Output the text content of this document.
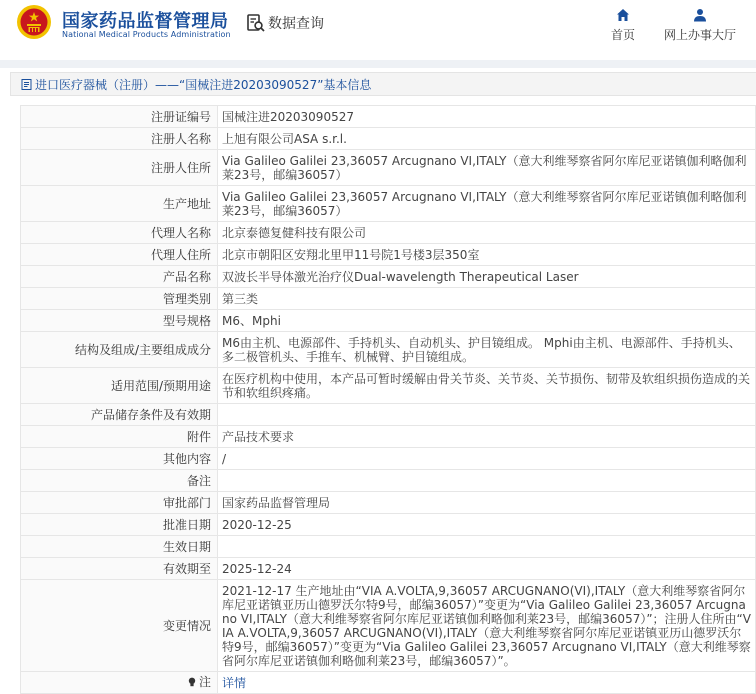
国家药品监督管理局
National Medical Products Administration
数据查询
首页	网上办事大厅
进口医疗器械（注册）——“国械注进20203090527”基本信息
注册证编号	国械注进20203090527
注册人名称	上旭有限公司ASA s.r.l.
注册人住所	Via Galileo Galilei 23,36057 Arcugnano VI,ITALY（意大利维琴察省阿尔库尼亚诺镇伽利略伽利莱23号，邮编36057）
生产地址	Via Galileo Galilei 23,36057 Arcugnano VI,ITALY（意大利维琴察省阿尔库尼亚诺镇伽利略伽利莱23号，邮编36057）
代理人名称	北京泰德复健科技有限公司
代理人住所	北京市朝阳区安翔北里甲11号院1号楼3层350室
产品名称	双波长半导体激光治疗仪Dual-wavelength Therapeutical Laser
管理类别	第三类
型号规格	M6、Mphi
结构及组成/主要组成成分	M6由主机、电源部件、手持机头、自动机头、护目镜组成。 Mphi由主机、电源部件、手持机头、多二极管机头、手推车、机械臂、护目镜组成。
适用范围/预期用途	在医疗机构中使用，本产品可暂时缓解由骨关节炎、关节炎、关节损伤、韧带及软组织损伤造成的关节和软组织疼痛。
产品储存条件及有效期	
附件	产品技术要求
其他内容	/
备注	
审批部门	国家药品监督管理局
批准日期	2020-12-25
生效日期	
有效期至	2025-12-24
变更情况	2021-12-17 生产地址由“VIA A.VOLTA,9,36057 ARCUGNANO(VI),ITALY（意大利维琴察省阿尔库尼亚诺镇亚历山德罗沃尔特9号，邮编36057）”变更为“Via Galileo Galilei 23,36057 Arcugnano VI,ITALY（意大利维琴察省阿尔库尼亚诺镇伽利略伽利莱23号，邮编36057）”；注册人住所由“VIA A.VOLTA,9,36057 ARCUGNANO(VI),ITALY（意大利维琴察省阿尔库尼亚诺镇亚历山德罗沃尔特9号，邮编36057）”变更为“Via Galileo Galilei 23,36057 Arcugnano VI,ITALY（意大利维琴察省阿尔库尼亚诺镇伽利略伽利莱23号，邮编36057）”。

注	详情
